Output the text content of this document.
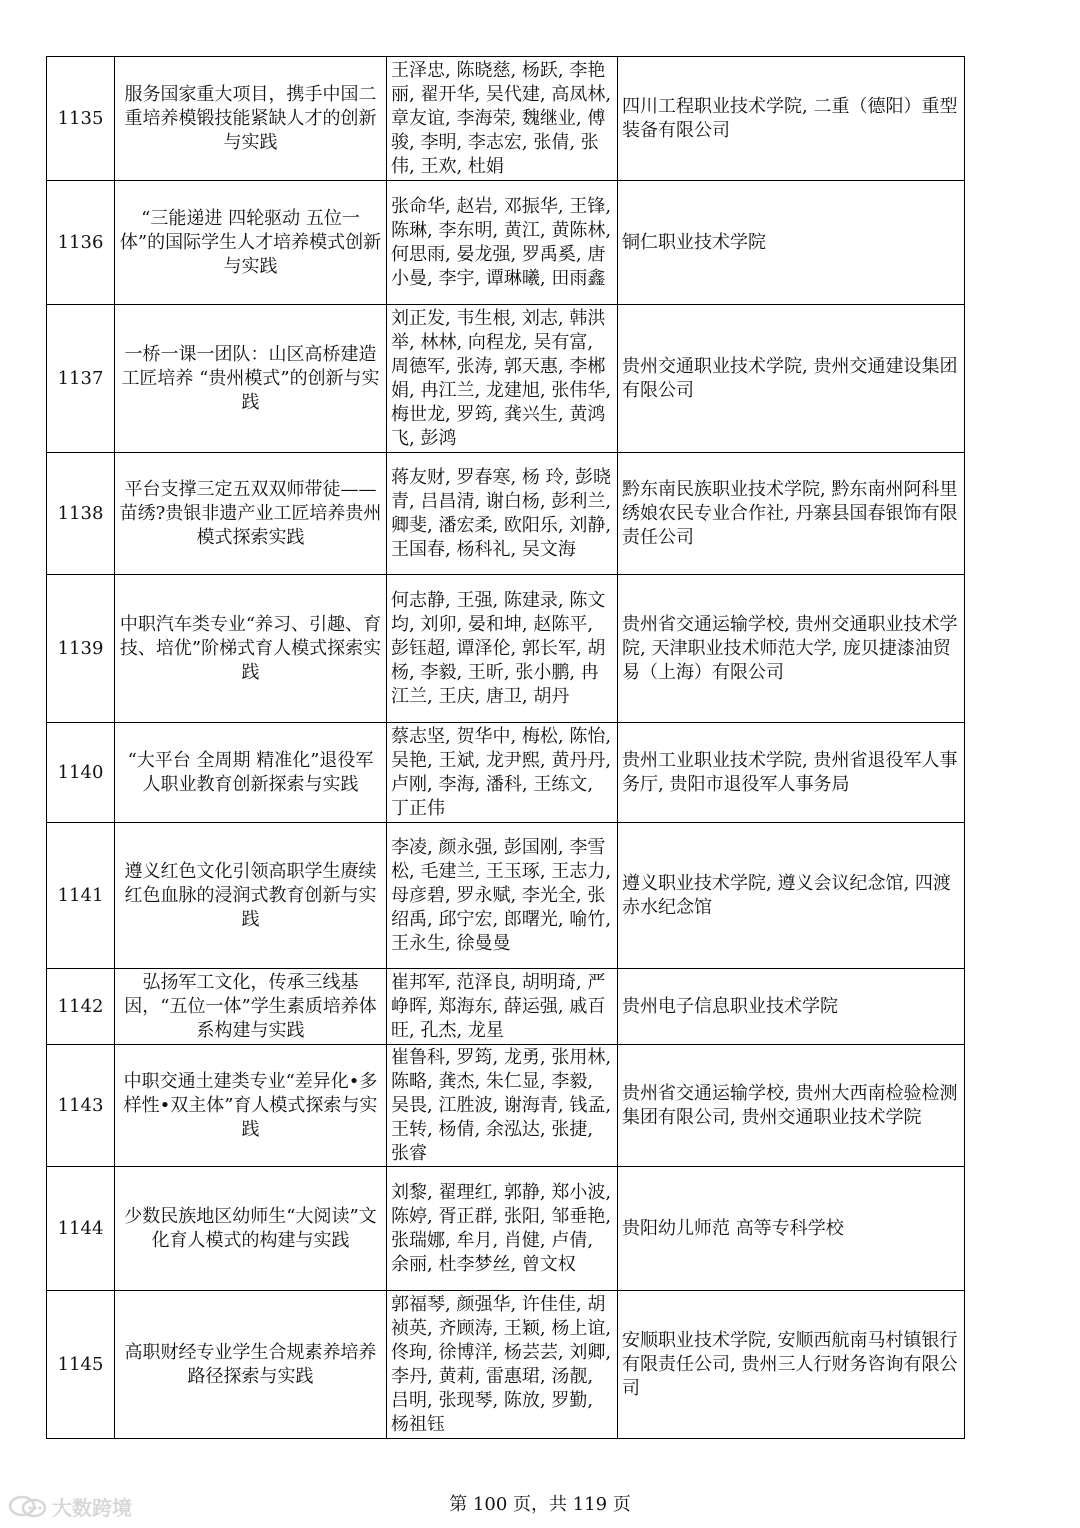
1135	服务国家重大项目，携手中国二重培养模锻技能紧缺人才的创新与实践	王泽忠, 陈晓慈, 杨跃, 李艳丽, 翟开华, 吴代建, 高凤林, 章友谊, 李海荣, 魏继业, 傅骏, 李明, 李志宏, 张倩, 张伟, 王欢, 杜娟	四川工程职业技术学院, 二重（德阳）重型装备有限公司
1136	“三能递进 四轮驱动 五位一体”的国际学生人才培养模式创新与实践	张命华, 赵岩, 邓振华, 王锋, 陈琳, 李东明, 黄江, 黄陈林, 何思雨, 晏龙强, 罗禹奚, 唐小曼, 李宇, 谭琳曦, 田雨鑫	铜仁职业技术学院
1137	一桥一课一团队：山区高桥建造工匠培养 “贵州模式”的创新与实践	刘正发, 韦生根, 刘志, 韩洪举, 林林, 向程龙, 吴有富, 周德军, 张涛, 郭天惠, 李郴娟, 冉江兰, 龙建旭, 张伟华, 梅世龙, 罗筠, 龚兴生, 黄鸿飞, 彭鸿	贵州交通职业技术学院, 贵州交通建设集团有限公司
1138	平台支撑三定五双双师带徒——苗绣?贵银非遗产业工匠培养贵州模式探索实践	蒋友财, 罗春寒, 杨 玲, 彭晓青, 吕昌清, 谢白杨, 彭利兰, 卿斐, 潘宏柔, 欧阳乐, 刘静, 王国春, 杨科礼, 吴文海	黔东南民族职业技术学院, 黔东南州阿科里绣娘农民专业合作社, 丹寨县国春银饰有限责任公司
1139	中职汽车类专业“养习、引趣、育技、培优”阶梯式育人模式探索实践	何志静, 王强, 陈建录, 陈文均, 刘卯, 晏和坤, 赵陈平, 彭钰超, 谭泽伦, 郭长军, 胡杨, 李毅, 王昕, 张小鹏, 冉江兰, 王庆, 唐卫, 胡丹	贵州省交通运输学校, 贵州交通职业技术学院, 天津职业技术师范大学, 庞贝捷漆油贸易（上海）有限公司
1140	“大平台 全周期 精准化”退役军人职业教育创新探索与实践	蔡志坚, 贺华中, 梅松, 陈怡, 吴艳, 王斌, 龙尹熙, 黄丹丹, 卢刚, 李海, 潘科, 王练文, 丁正伟	贵州工业职业技术学院, 贵州省退役军人事务厅, 贵阳市退役军人事务局
1141	遵义红色文化引领高职学生赓续红色血脉的浸润式教育创新与实践	李凌, 颜永强, 彭国刚, 李雪松, 毛建兰, 王玉琢, 王志力, 母彦碧, 罗永赋, 李光全, 张绍禹, 邱宁宏, 郎曙光, 喻竹, 王永生, 徐曼曼	遵义职业技术学院, 遵义会议纪念馆, 四渡赤水纪念馆
1142	弘扬军工文化，传承三线基因，“五位一体”学生素质培养体系构建与实践	崔邦军, 范泽良, 胡明琦, 严峥晖, 郑海东, 薛运强, 戚百旺, 孔杰, 龙星	贵州电子信息职业技术学院
1143	中职交通土建类专业“差异化•多样性•双主体”育人模式探索与实践	崔鲁科, 罗筠, 龙勇, 张用林, 陈略, 龚杰, 朱仁显, 李毅, 吴畏, 江胜波, 谢海青, 钱孟, 王转, 杨倩, 余泓达, 张捷, 张睿	贵州省交通运输学校, 贵州大西南检验检测集团有限公司, 贵州交通职业技术学院
1144	少数民族地区幼师生“大阅读”文化育人模式的构建与实践	刘黎, 翟理红, 郭静, 郑小波, 陈婷, 胥正群, 张阳, 邹垂艳, 张瑞娜, 牟月, 肖健, 卢倩, 余丽, 杜李梦丝, 曾文权	贵阳幼儿师范 高等专科学校
1145	高职财经专业学生合规素养培养路径探索与实践	郭福琴, 颜强华, 许佳佳, 胡祯英, 齐顾涛, 王颖, 杨上谊, 佟珣, 徐博洋, 杨芸芸, 刘卿, 李丹, 黄莉, 雷惠珺, 汤靓, 吕明, 张现琴, 陈放, 罗勤, 杨祖钰	安顺职业技术学院, 安顺西航南马村镇银行有限责任公司, 贵州三人行财务咨询有限公司
大数跨境	第 100 页，共 119 页
